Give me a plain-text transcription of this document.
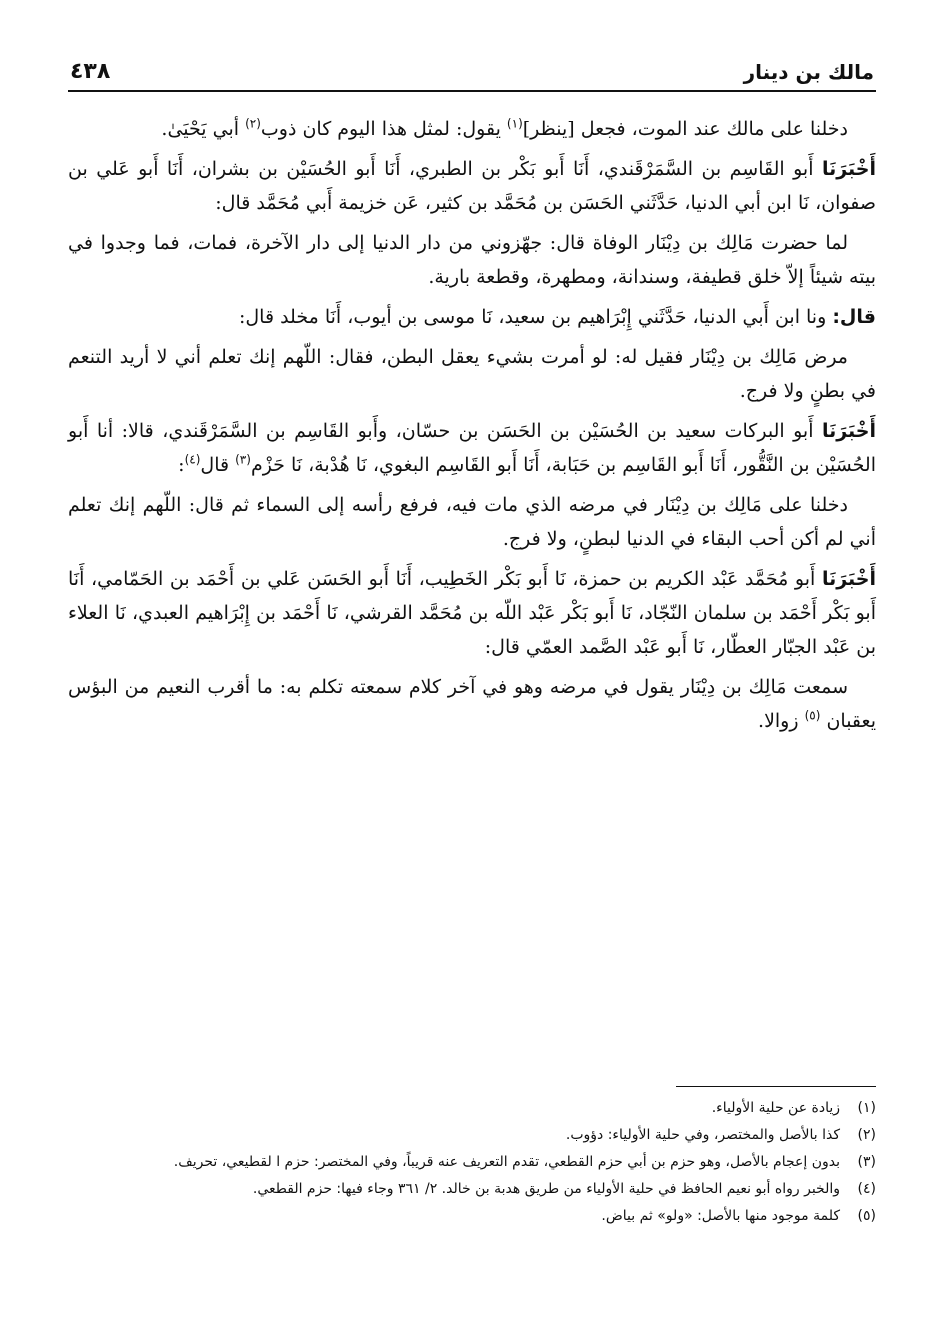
مالك بن دينار
٤٣٨

دخلنا على مالك عند الموت، فجعل [ينظر]$^{(١)}$ يقول: لمثل هذا اليوم كان ذوب$^{(٢)}$ أبي يَحْيَىٰ.

أَخْبَرَنَا أَبو القَاسِم بن السَّمَرْقَندي، أَنَا أَبو بَكْر بن الطبري، أَنَا أَبو الحُسَيْن بن بشران، أَنَا أَبو عَلي بن صفوان، نَا ابن أبي الدنيا، حَدَّثَني الحَسَن بن مُحَمَّد بن كثير، عَن خزيمة أَبي مُحَمَّد قال:

لما حضرت مَالِك بن دِيْنَار الوفاة قال: جهّزوني من دار الدنيا إلى دار الآخرة، فمات، فما وجدوا في بيته شيئاً إلاّ خلق قطيفة، وسندانة، ومطهرة، وقطعة بارية.

قال: ونا ابن أَبي الدنيا، حَدَّثَني إِبْرَاهيم بن سعيد، نَا موسى بن أيوب، أَنَا مخلد قال:

مرض مَالِك بن دِيْنَار فقيل له: لو أمرت بشيء يعقل البطن، فقال: اللّهم إنك تعلم أني لا أريد التنعم في بطنٍ ولا فرج.

أَخْبَرَنَا أَبو البركات سعيد بن الحُسَيْن بن الحَسَن بن حسّان، وأَبو القَاسِم بن السَّمَرْقَندي، قالا: أنا أَبو الحُسَيْن بن النَّقُّور، أَنَا أَبو القَاسِم بن حَبَابة، أَنَا أَبو القَاسِم البغوي، نَا هُدْبة، نَا حَزْم$^{(٣)}$ قال$^{(٤)}$:

دخلنا على مَالِك بن دِيْنَار في مرضه الذي مات فيه، فرفع رأسه إلى السماء ثم قال: اللّهم إنك تعلم أني لم أكن أحب البقاء في الدنيا لبطنٍ، ولا فرج.

أَخْبَرَنَا أَبو مُحَمَّد عَبْد الكريم بن حمزة، نَا أَبو بَكْر الخَطِيب، أَنَا أَبو الحَسَن عَلي بن أَحْمَد بن الحَمّامي، أَنَا أَبو بَكْر أَحْمَد بن سلمان النّجّاد، نَا أَبو بَكْر عَبْد اللّه بن مُحَمَّد القرشي، نَا أَحْمَد بن إِبْرَاهيم العبدي، نَا العلاء بن عَبْد الجبّار العطّار، نَا أَبو عَبْد الصَّمد العمّي قال:

سمعت مَالِك بن دِيْنَار يقول في مرضه وهو في آخر كلام سمعته تكلم به: ما أقرب النعيم من البؤس يعقبان $^{(٥)}$ زوالا.

(١)
زيادة عن حلية الأولياء.
(٢)
كذا بالأصل والمختصر، وفي حلية الأولياء: دؤوب.
(٣)
بدون إعجام بالأصل، وهو حزم بن أبي حزم القطعي، تقدم التعريف عنه قريباً، وفي المختصر: حزم ا لقطيعي، تحريف.
(٤)
والخبر رواه أبو نعيم الحافظ في حلية الأولياء من طريق هدبة بن خالد. ٢/ ٣٦١ وجاء فيها: حزم القطعي.
(٥)
كلمة موجود منها بالأصل: «ولو» ثم بياض.
